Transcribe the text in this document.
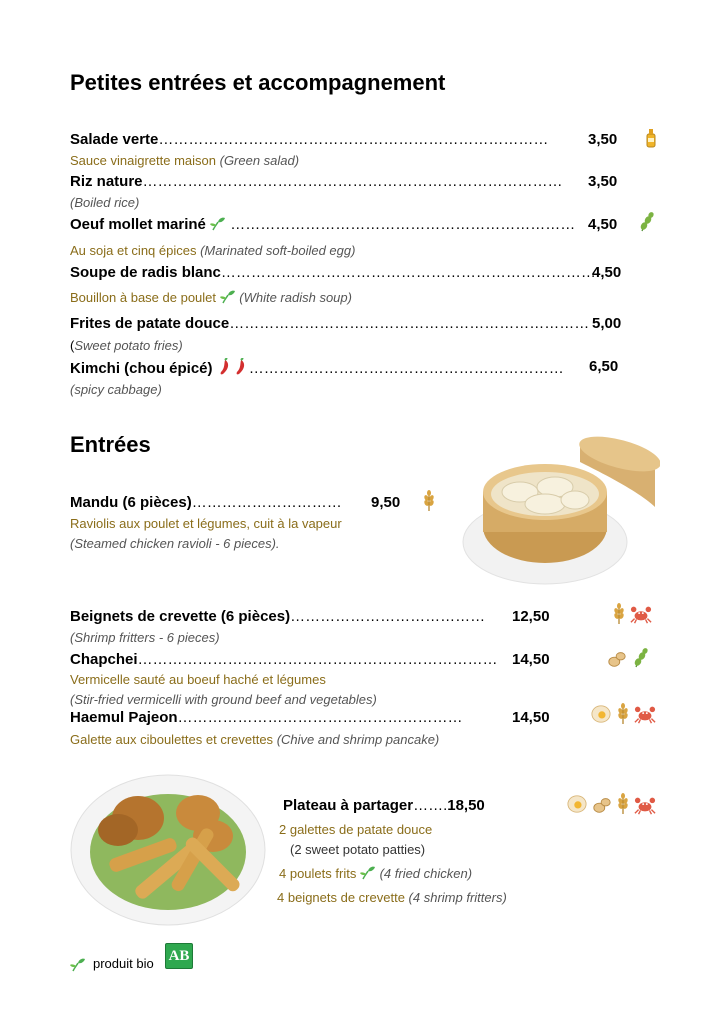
Petites entrées et accompagnement
Salade verte……………………………………………………………………	3,50
Sauce vinaigrette maison (Green salad)
Riz nature………………………………………………………………………… 3,50
(Boiled rice)
Oeuf mollet mariné …………………………………………………………… 4,50
Au soja et cinq épices (Marinated soft-boiled egg)
Soupe de radis blanc…………………………………………………………………
4,50
Bouillon à base de poulet (White radish soup)
Frites de patate douce……………………………………………………………… 5,00
(Sweet potato fries)
Kimchi (chou épicé) ……………………………………………………… 6,50
(spicy cabbage)
Entrées
Mandu (6 pièces)………………………… 9,50
Raviolis aux poulet et légumes, cuit à la vapeur
(Steamed chicken ravioli - 6 pieces).
Beignets de crevette (6 pièces)………………………………… 12,50
(Shrimp fritters - 6 pieces)
Chapchei……………………………………………………………… 14,50
Vermicelle sauté au boeuf haché et légumes
(Stir-fried vermicelli with ground beef and vegetables)
Haemul Pajeon…………………………………………………	14,50
Galette aux ciboulettes et crevettes (Chive and shrimp pancake)
Plateau à partager…….18,50
2 galettes de patate douce
(2 sweet potato patties)
4 poulets frits (4 fried chicken)
4 beignets de crevette (4 shrimp fritters)
produit bio AB
